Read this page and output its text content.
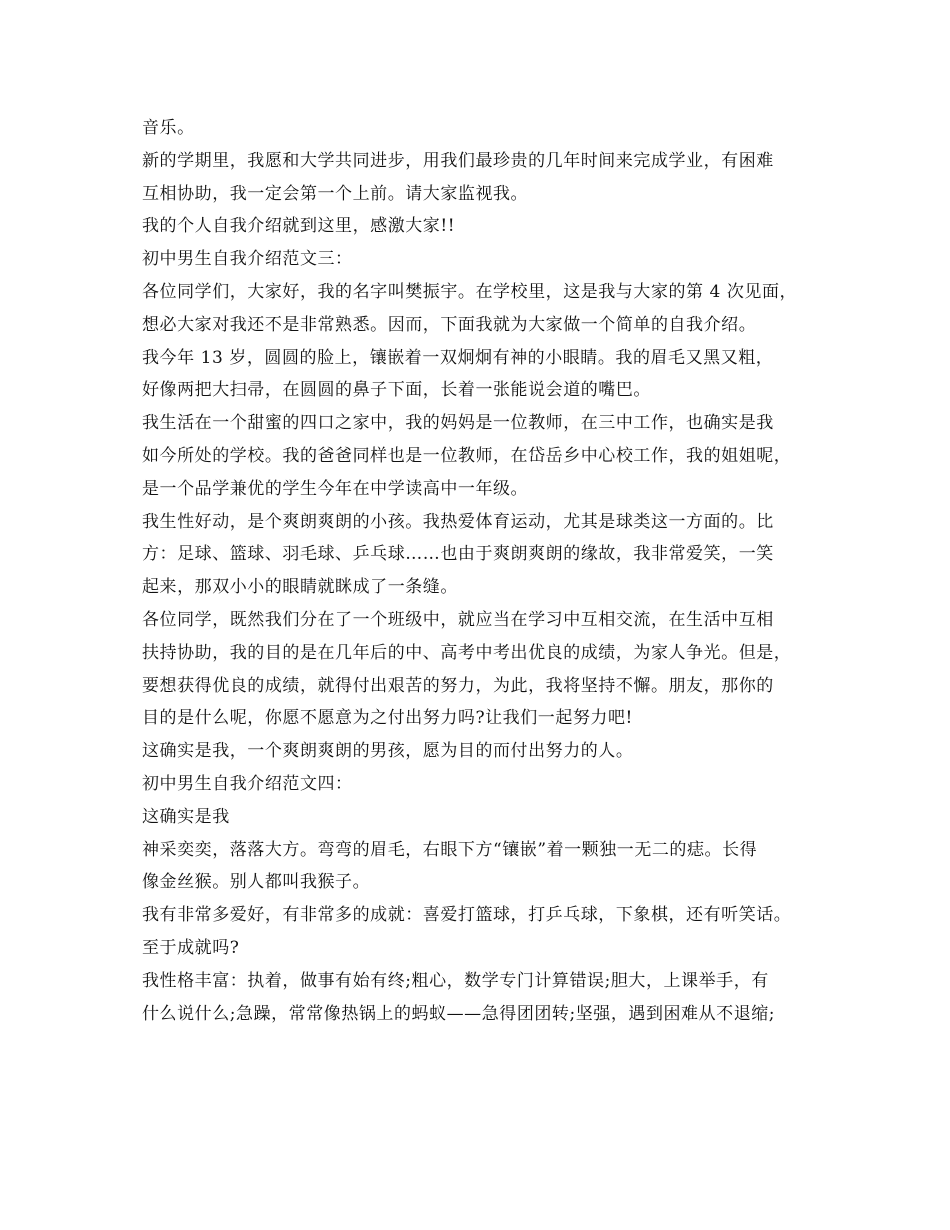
音乐。
新的学期里，我愿和大学共同进步，用我们最珍贵的几年时间来完成学业，有困难
互相协助，我一定会第一个上前。请大家监视我。
我的个人自我介绍就到这里，感激大家!!
初中男生自我介绍范文三：
各位同学们，大家好，我的名字叫樊振宇。在学校里，这是我与大家的第 4 次见面，
想必大家对我还不是非常熟悉。因而，下面我就为大家做一个简单的自我介绍。
我今年 13 岁，圆圆的脸上，镶嵌着一双炯炯有神的小眼睛。我的眉毛又黑又粗，
好像两把大扫帚，在圆圆的鼻子下面，长着一张能说会道的嘴巴。
我生活在一个甜蜜的四口之家中，我的妈妈是一位教师，在三中工作，也确实是我
如今所处的学校。我的爸爸同样也是一位教师，在岱岳乡中心校工作，我的姐姐呢，
是一个品学兼优的学生今年在中学读高中一年级。
我生性好动，是个爽朗爽朗的小孩。我热爱体育运动，尤其是球类这一方面的。比
方：足球、篮球、羽毛球、乒乓球……也由于爽朗爽朗的缘故，我非常爱笑，一笑
起来，那双小小的眼睛就眯成了一条缝。
各位同学，既然我们分在了一个班级中，就应当在学习中互相交流，在生活中互相
扶持协助，我的目的是在几年后的中、高考中考出优良的成绩，为家人争光。但是，
要想获得优良的成绩，就得付出艰苦的努力，为此，我将坚持不懈。朋友，那你的
目的是什么呢，你愿不愿意为之付出努力吗?让我们一起努力吧!
这确实是我，一个爽朗爽朗的男孩，愿为目的而付出努力的人。
初中男生自我介绍范文四：
这确实是我
神采奕奕，落落大方。弯弯的眉毛，右眼下方“镶嵌”着一颗独一无二的痣。长得
像金丝猴。别人都叫我猴子。
我有非常多爱好，有非常多的成就：喜爱打篮球，打乒乓球，下象棋，还有听笑话。
至于成就吗?
我性格丰富：执着，做事有始有终;粗心，数学专门计算错误;胆大，上课举手，有
什么说什么;急躁，常常像热锅上的蚂蚁——急得团团转;坚强，遇到困难从不退缩;
